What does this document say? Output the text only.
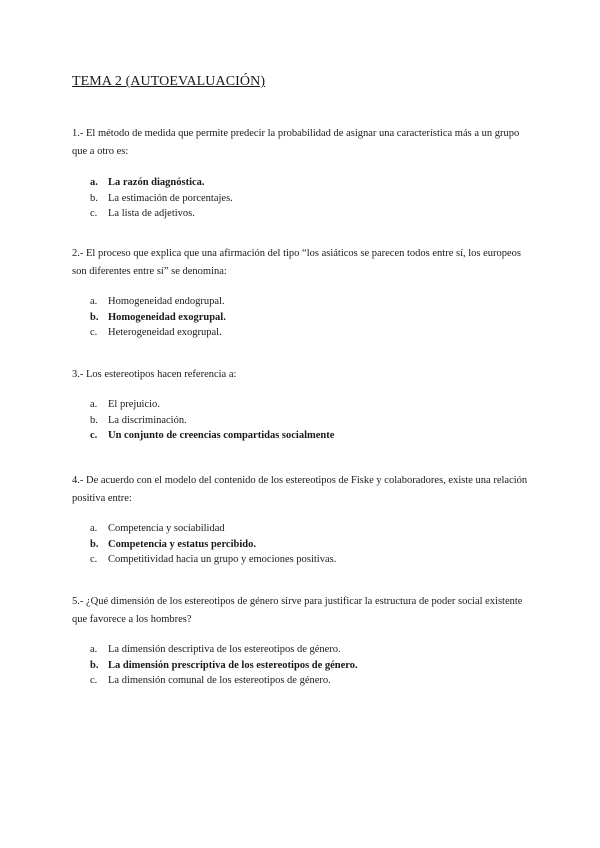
TEMA 2 (AUTOEVALUACIÓN)

1.- El método de medida que permite predecir la probabilidad de asignar una característica más a un grupo que a otro es:

a. La razón diagnóstica.
b. La estimación de porcentajes.
c. La lista de adjetivos.

2.- El proceso que explica que una afirmación del tipo “los asiáticos se parecen todos entre sí, los europeos son diferentes entre sí” se denomina:

a. Homogeneidad endogrupal.
b. Homogeneidad exogrupal.
c. Heterogeneidad exogrupal.

3.- Los estereotipos hacen referencia a:

a. El prejuicio.
b. La discriminación.
c. Un conjunto de creencias compartidas socialmente

4.- De acuerdo con el modelo del contenido de los estereotipos de Fiske y colaboradores, existe una relación positiva entre:

a. Competencia y sociabilidad
b. Competencia y estatus percibido.
c. Competitividad hacia un grupo y emociones positivas.

5.- ¿Qué dimensión de los estereotipos de género sirve para justificar la estructura de poder social existente que favorece a los hombres?

a. La dimensión descriptiva de los estereotipos de género.
b. La dimensión prescriptiva de los estereotipos de género.
c. La dimensión comunal de los estereotipos de género.
